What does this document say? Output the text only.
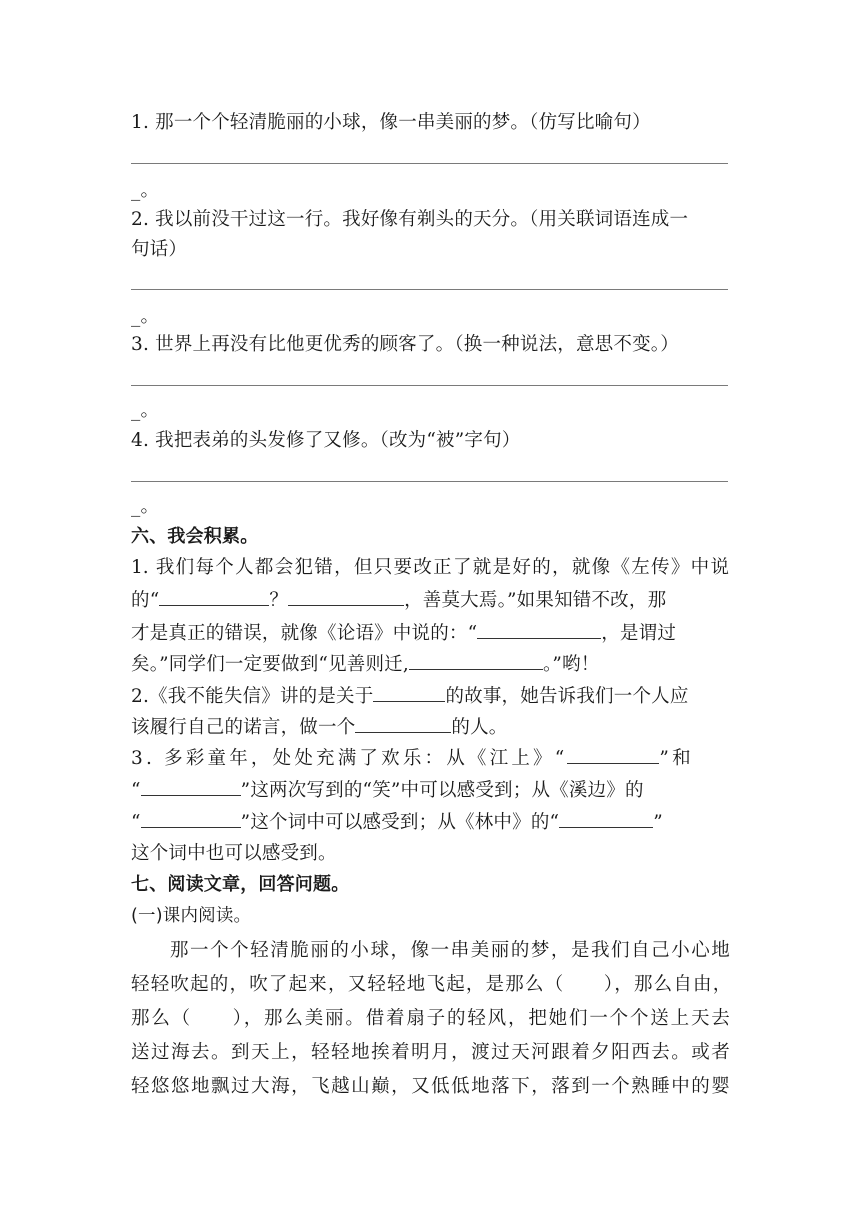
1. 那一个个轻清脆丽的小球，像一串美丽的梦。（仿写比喻句）
_。
2. 我以前没干过这一行。我好像有剃头的天分。（用关联词语连成一
句话）
_。
3. 世界上再没有比他更优秀的顾客了。（换一种说法，意思不变。）
_。
4. 我把表弟的头发修了又修。（改为“被”字句）
_。
六、我会积累。
1. 我们每个人都会犯错，但只要改正了就是好的，就像《左传》中说
的“	？	，善莫大焉。”如果知错不改，那
才是真正的错误，就像《论语》中说的：“	，是谓过
矣。”同学们一定要做到“见善则迁,	。”哟！
2.《我不能失信》讲的是关于	的故事，她告诉我们一个人应
该履行自己的诺言，做一个	的人。
3. 多彩童年，处处充满了欢乐：从《江上》“	”和
“	”这两次写到的“笑”中可以感受到；从《溪边》的
“	”这个词中可以感受到；从《林中》的“	”
这个词中也可以感受到。
七、阅读文章，回答问题。
(一)课内阅读。
那一个个轻清脆丽的小球，像一串美丽的梦，是我们自己小心地
轻轻吹起的，吹了起来，又轻轻地飞起，是那么（　　），那么自由，
那么（　　），那么美丽。借着扇子的轻风，把她们一个个送上天去
送过海去。到天上，轻轻地挨着明月，渡过天河跟着夕阳西去。或者
轻悠悠地飘过大海，飞越山巅，又低低地落下，落到一个熟睡中的婴
